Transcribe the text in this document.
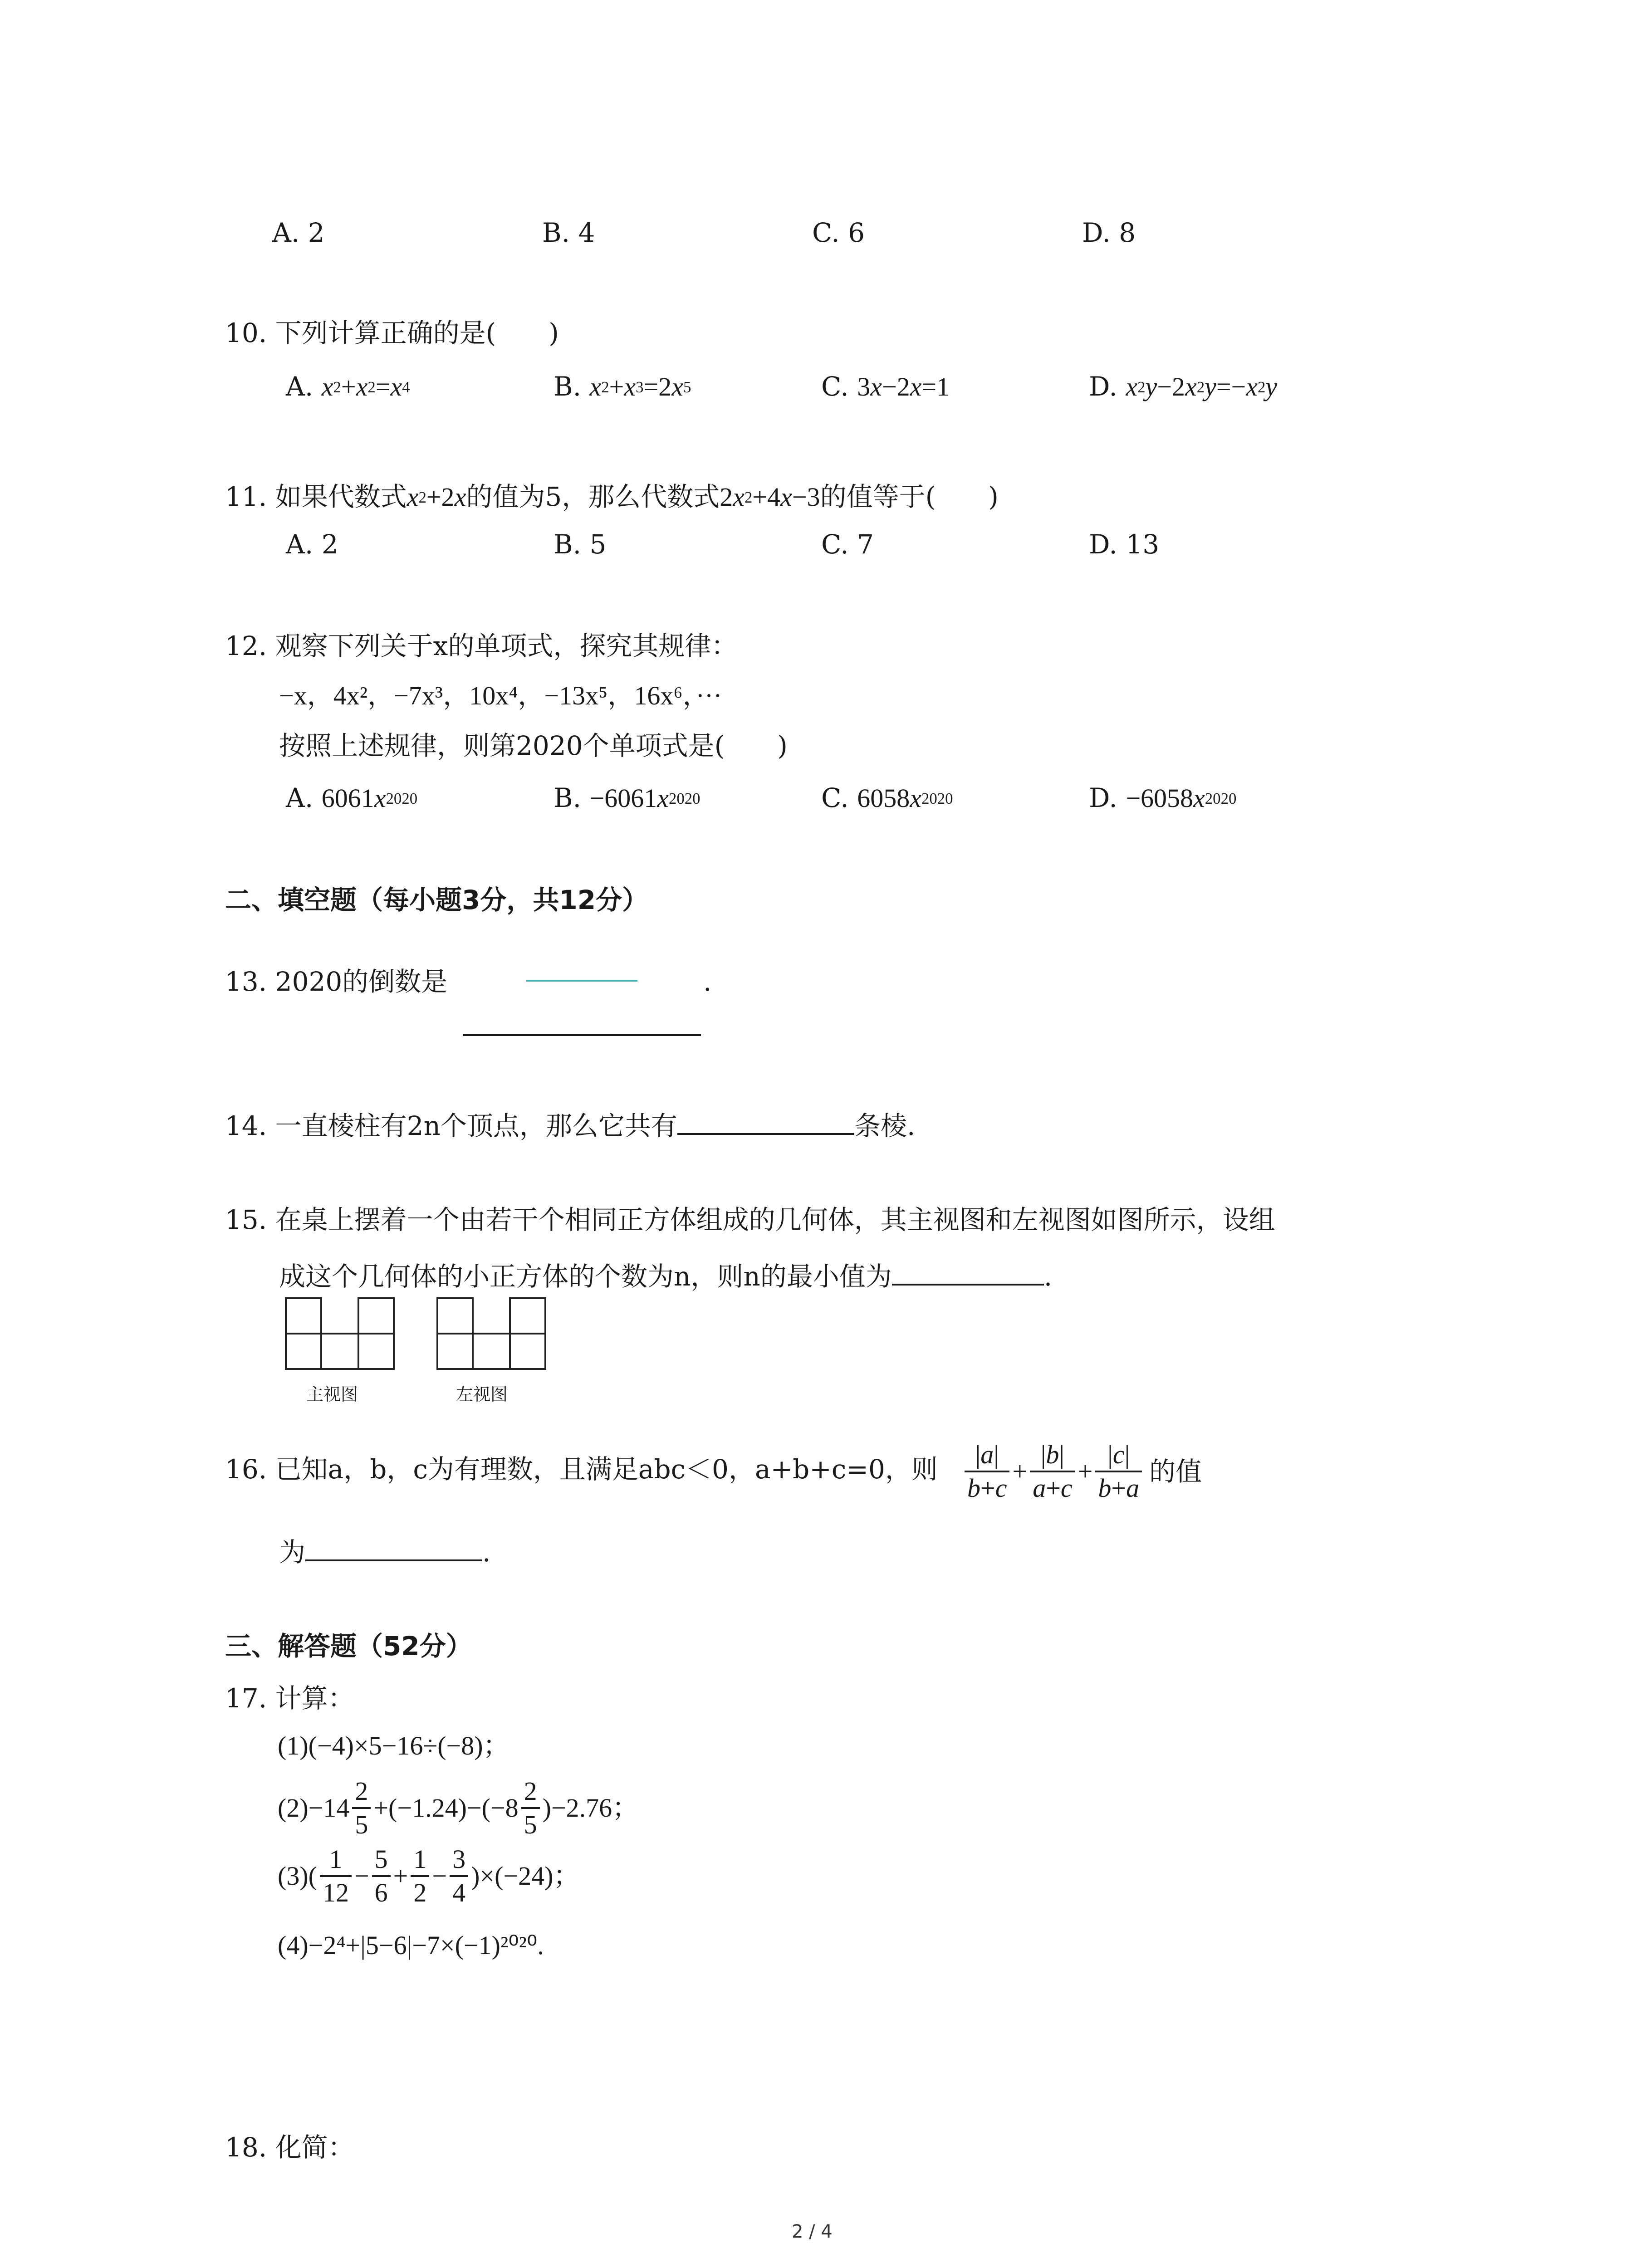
A. 2	B. 4	C. 6	D. 8
10. 下列计算正确的是(　　)
A. $x^2+x^2=x^4$	B. $x^2+x^3=2x^5$	C. 3x−2x=1	D. $x^2y-2x^2y=-x^2y$
11. 如果代数式$x^2+2x$的值为5，那么代数式$2x^2+4x-3$的值等于(　　)
A. 2	B. 5	C. 7	D. 13
12. 观察下列关于x的单项式，探究其规律：
−x，4x²，−7x³，10x⁴，−13x⁵，16x⁶，···
按照上述规律，则第2020个单项式是(　　)
A. $6061x^{2020}$	B. $-6061x^{2020}$	C. $6058x^{2020}$	D. $-6058x^{2020}$
二、填空题（每小题3分，共12分）
13. 2020的倒数是	.
14. 一直棱柱有2n个顶点，那么它共有	条棱.
15. 在桌上摆着一个由若干个相同正方体组成的几何体，其主视图和左视图如图所示，设组
成这个几何体的小正方体的个数为n，则n的最小值为	.
主视图	左视图
16. 已知a，b，c为有理数，且满足abc＜0，a+b+c=0，则 $\frac{|a|}{b+c} + \frac{|b|}{a+c} + \frac{|c|}{b+a}$ 的值
为	.
三、解答题（52分）
17. 计算：
(1)(−4)×5−16÷(−8)；
$(2)-14 \frac{2}{5} +(-1.24)-(-8 \frac{2}{5} )-2.76$；
$(3)( \frac{1}{12} - \frac{5}{6} + \frac{1}{2} - \frac{3}{4} )\times(-24)$；
(4)−2⁴+|5−6|−7×(−1)²⁰²⁰.
18. 化简：
2 / 4
